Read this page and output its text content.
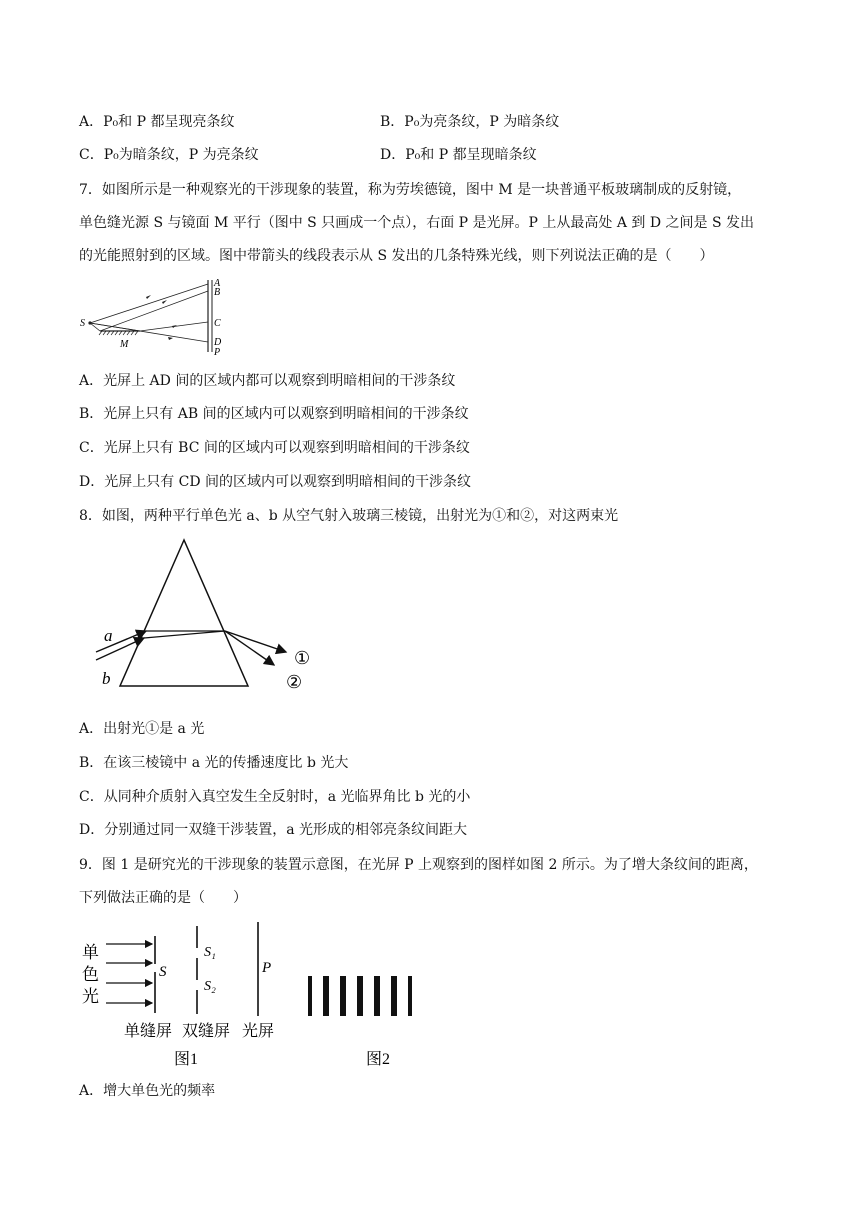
A．P₀和 P 都呈现亮条纹	B．P₀为亮条纹，P 为暗条纹
C．P₀为暗条纹，P 为亮条纹	D．P₀和 P 都呈现暗条纹
7．如图所示是一种观察光的干涉现象的装置，称为劳埃德镜，图中 M 是一块普通平板玻璃制成的反射镜，
单色缝光源 S 与镜面 M 平行（图中 S 只画成一个点），右面 P 是光屏。P 上从最高处 A 到 D 之间是 S 发出
的光能照射到的区域。图中带箭头的线段表示从 S 发出的几条特殊光线，则下列说法正确的是（　　）
S
M
A
B
C
D
P
A．光屏上 AD 间的区域内都可以观察到明暗相间的干涉条纹
B．光屏上只有 AB 间的区域内可以观察到明暗相间的干涉条纹
C．光屏上只有 BC 间的区域内可以观察到明暗相间的干涉条纹
D．光屏上只有 CD 间的区域内可以观察到明暗相间的干涉条纹
8．如图，两种平行单色光 a、b 从空气射入玻璃三棱镜，出射光为①和②，对这两束光
a
b
①
②
A．出射光①是 a 光
B．在该三棱镜中 a 光的传播速度比 b 光大
C．从同种介质射入真空发生全反射时，a 光临界角比 b 光的小
D．分别通过同一双缝干涉装置，a 光形成的相邻亮条纹间距大
9．图 1 是研究光的干涉现象的装置示意图，在光屏 P 上观察到的图样如图 2 所示。为了增大条纹间的距离，
下列做法正确的是（　　）
单
色
光
S
S₁
S₂
P
单缝屏 双缝屏 光屏
图1	图2
A．增大单色光的频率
